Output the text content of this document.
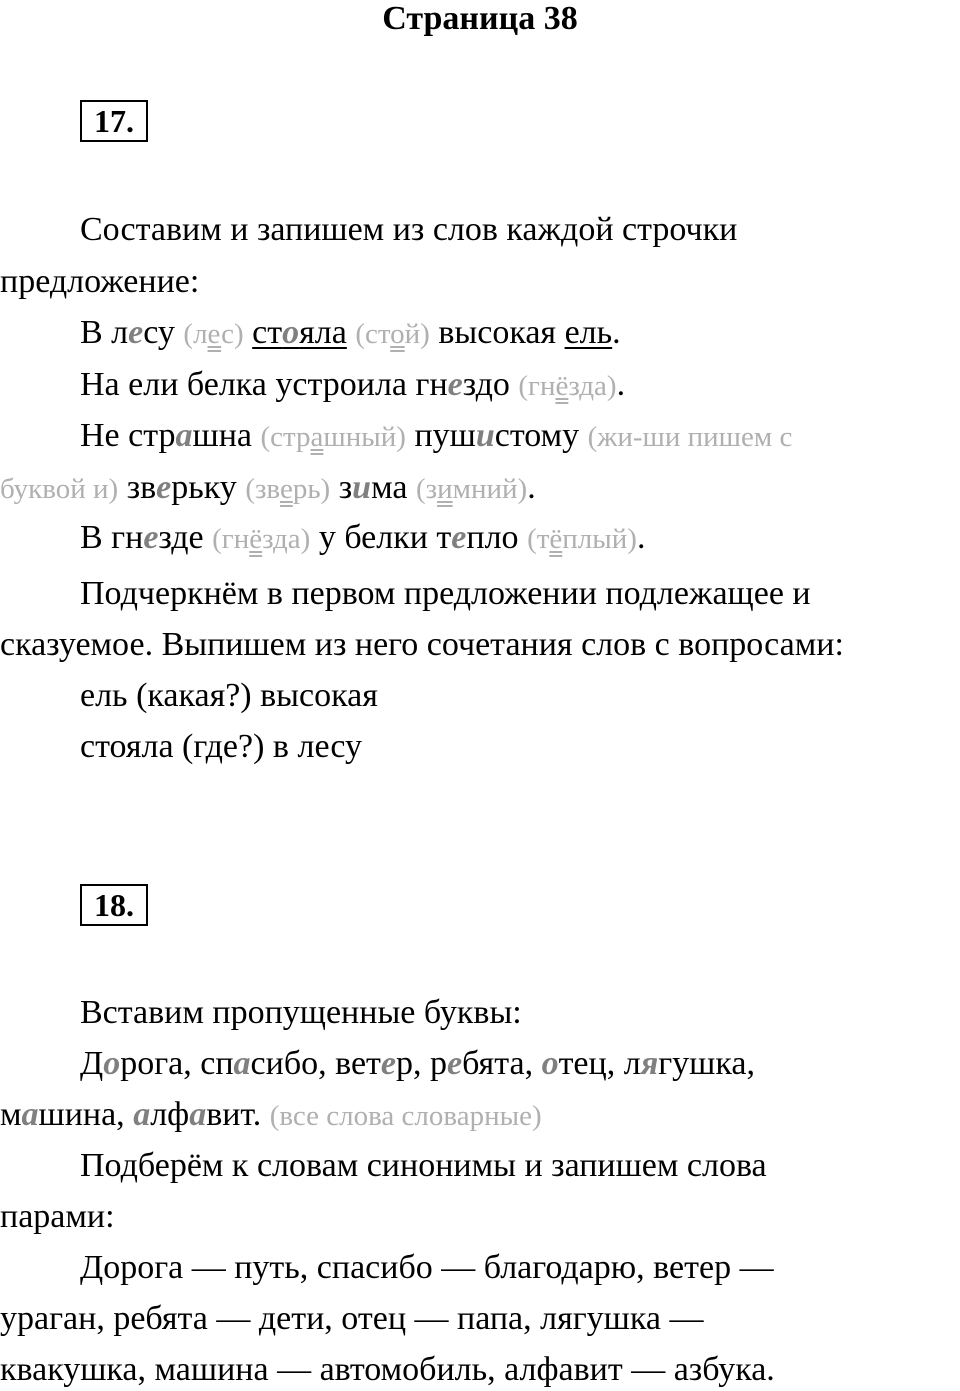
Страница 38
17.
Составим и запишем из слов каждой строчки
предложение:
В лесу (лес) стояла (стой) высокая ель.
На ели белка устроила гнездо (гнёзда).
Не страшна (страшный) пушистому (жи-ши пишем с
буквой и) зверьку (зверь) зима (зимний).
В гнезде (гнёзда) у белки тепло (тёплый).
Подчеркнём в первом предложении подлежащее и
сказуемое. Выпишем из него сочетания слов с вопросами:
ель (какая?) высокая
стояла (где?) в лесу
18.
Вставим пропущенные буквы:
Дорога, спасибо, ветер, ребята, отец, лягушка,
машина, алфавит. (все слова словарные)
Подберём к словам синонимы и запишем слова
парами:
Дорога — путь, спасибо — благодарю, ветер —
ураган, ребята — дети, отец — папа, лягушка —
квакушка, машина — автомобиль, алфавит — азбука.
